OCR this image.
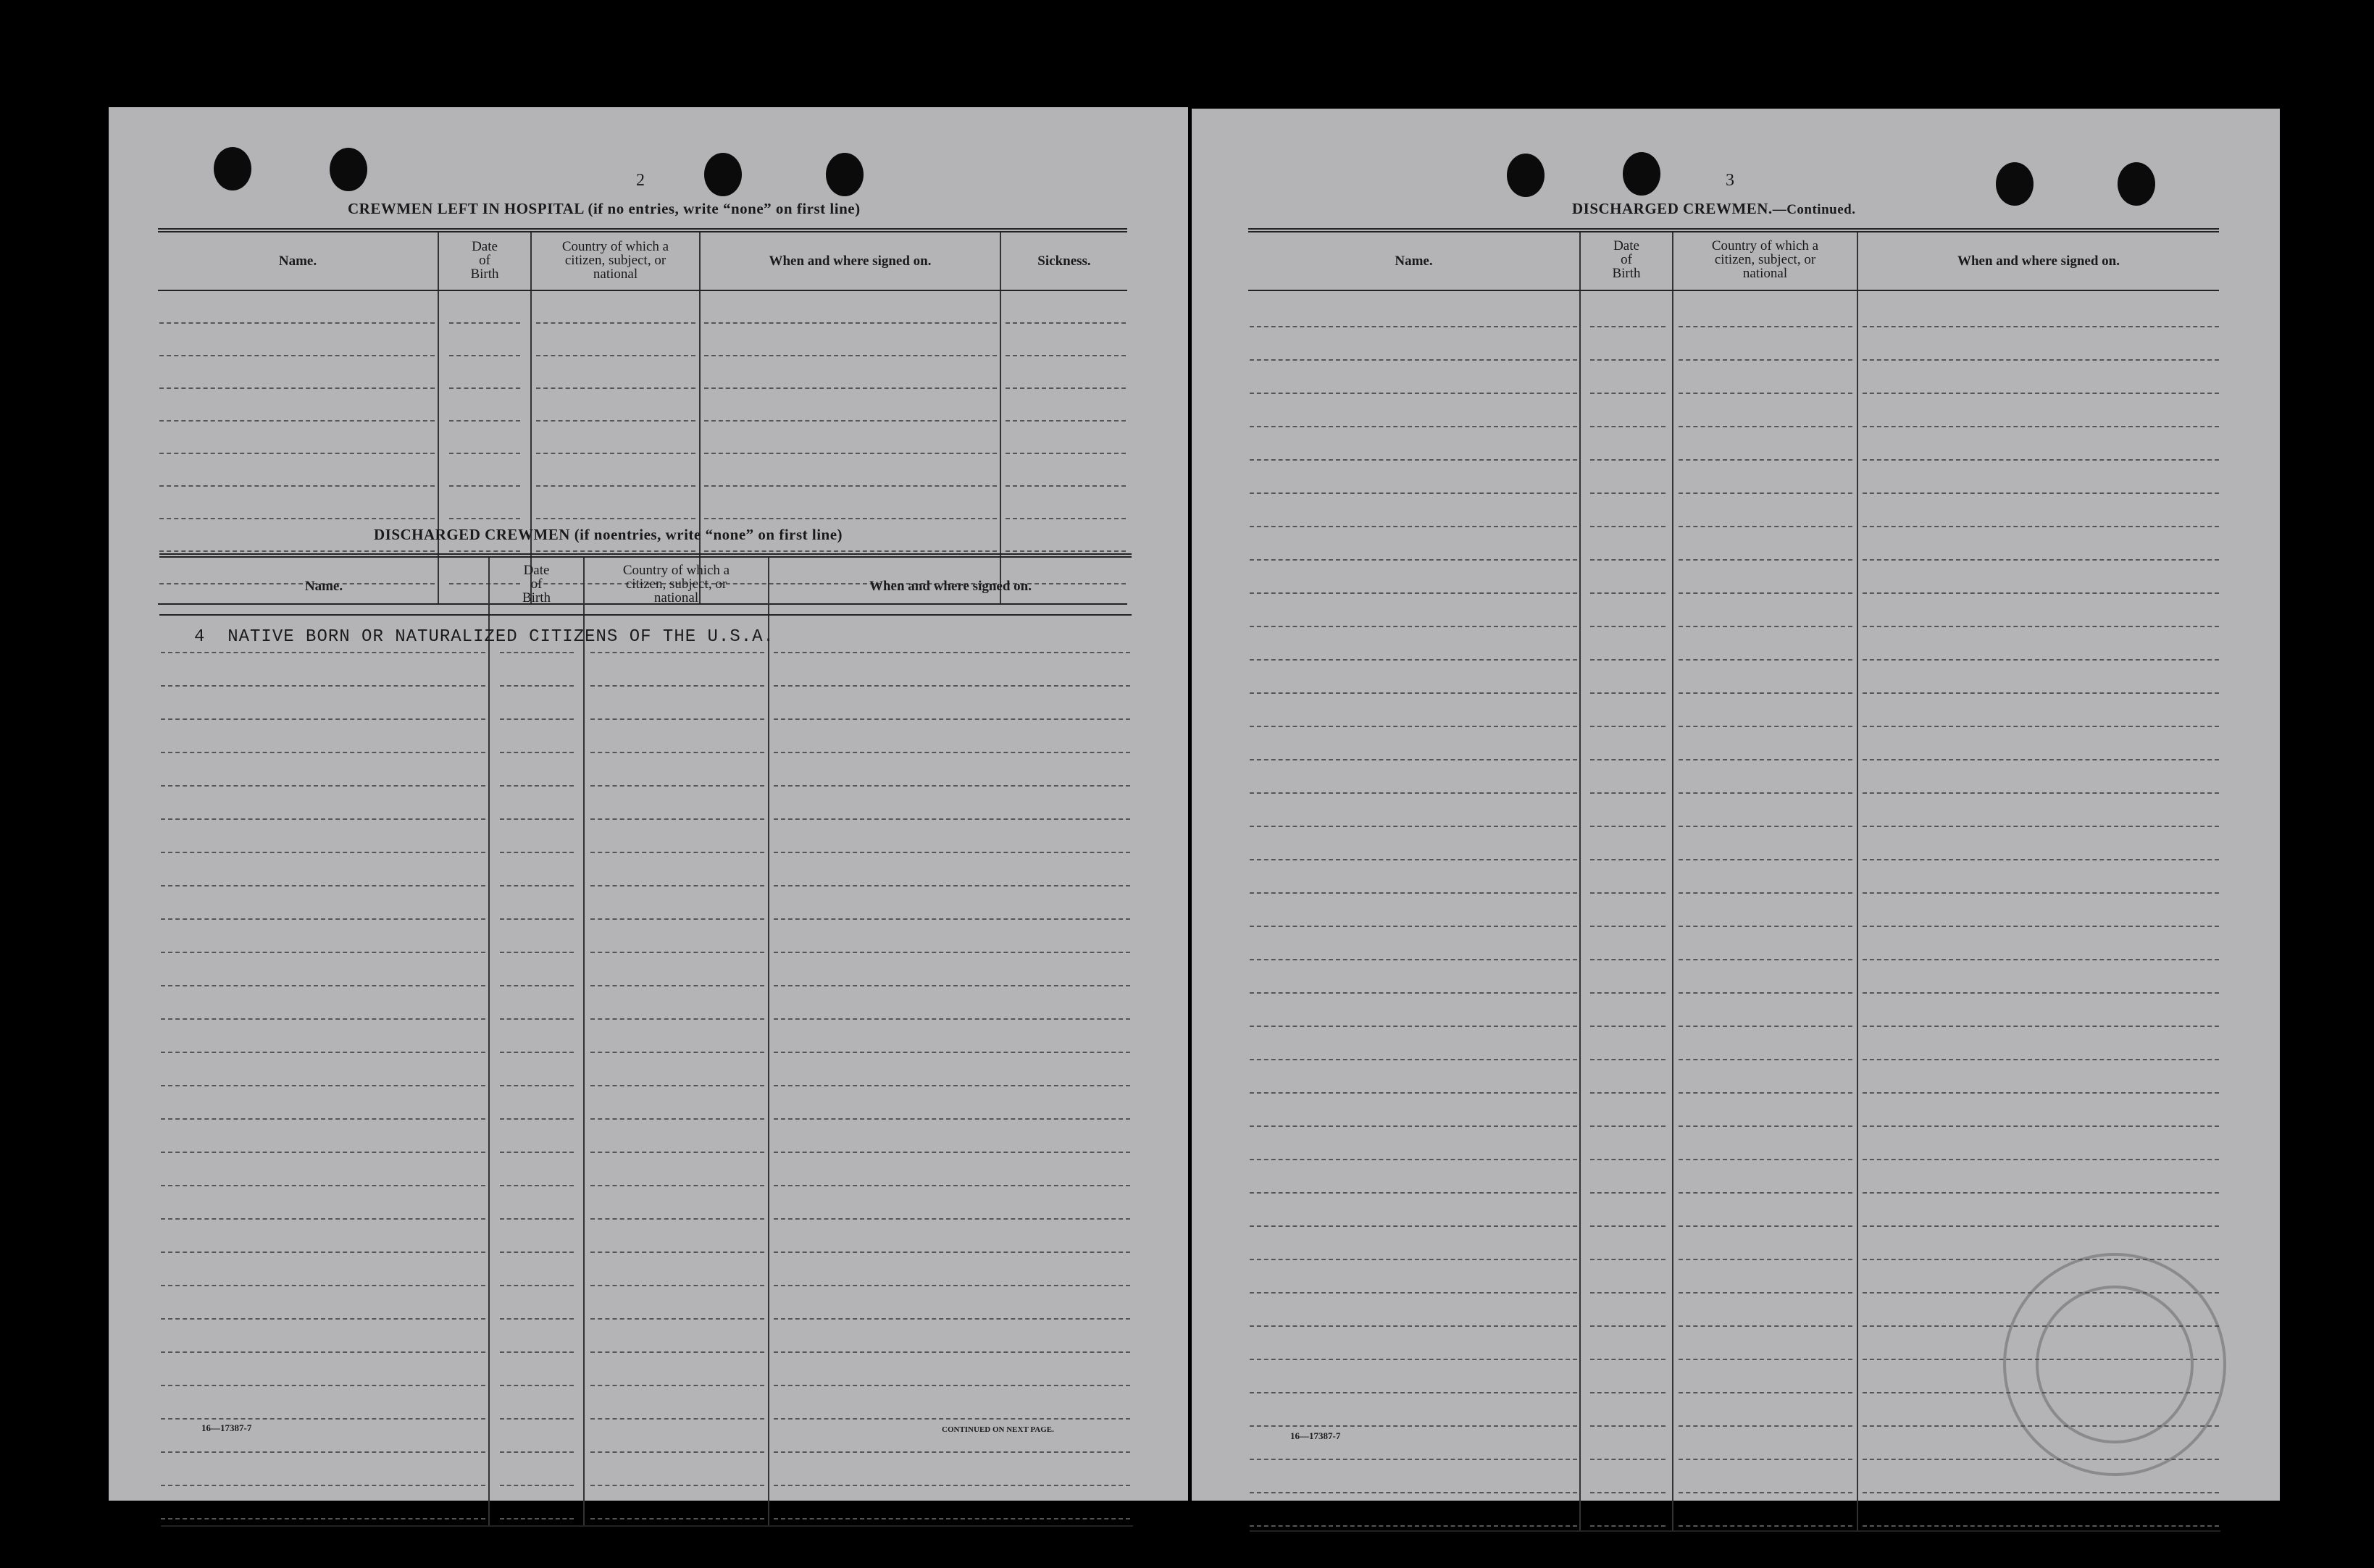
2
CREWMEN LEFT IN HOSPITAL (if no entries, write “none” on first line)
Name.
Date
of
Birth
Country of which a
citizen, subject, or
national
When and where signed on.	Sickness.
DISCHARGED CREWMEN (if noentries, write “none” on first line)
Name.
Date
of
Birth
Country of which a
citizen, subject, or
national
When and where signed on.
4 NATIVE BORN OR NATURALIZED CITIZENS OF THE U.S.A.
16—17387-7	CONTINUED ON NEXT PAGE.
3
DISCHARGED CREWMEN.—Continued.
Name.
Date
of
Birth
Country of which a
citizen, subject, or
national
When and where signed on.
16—17387-7
